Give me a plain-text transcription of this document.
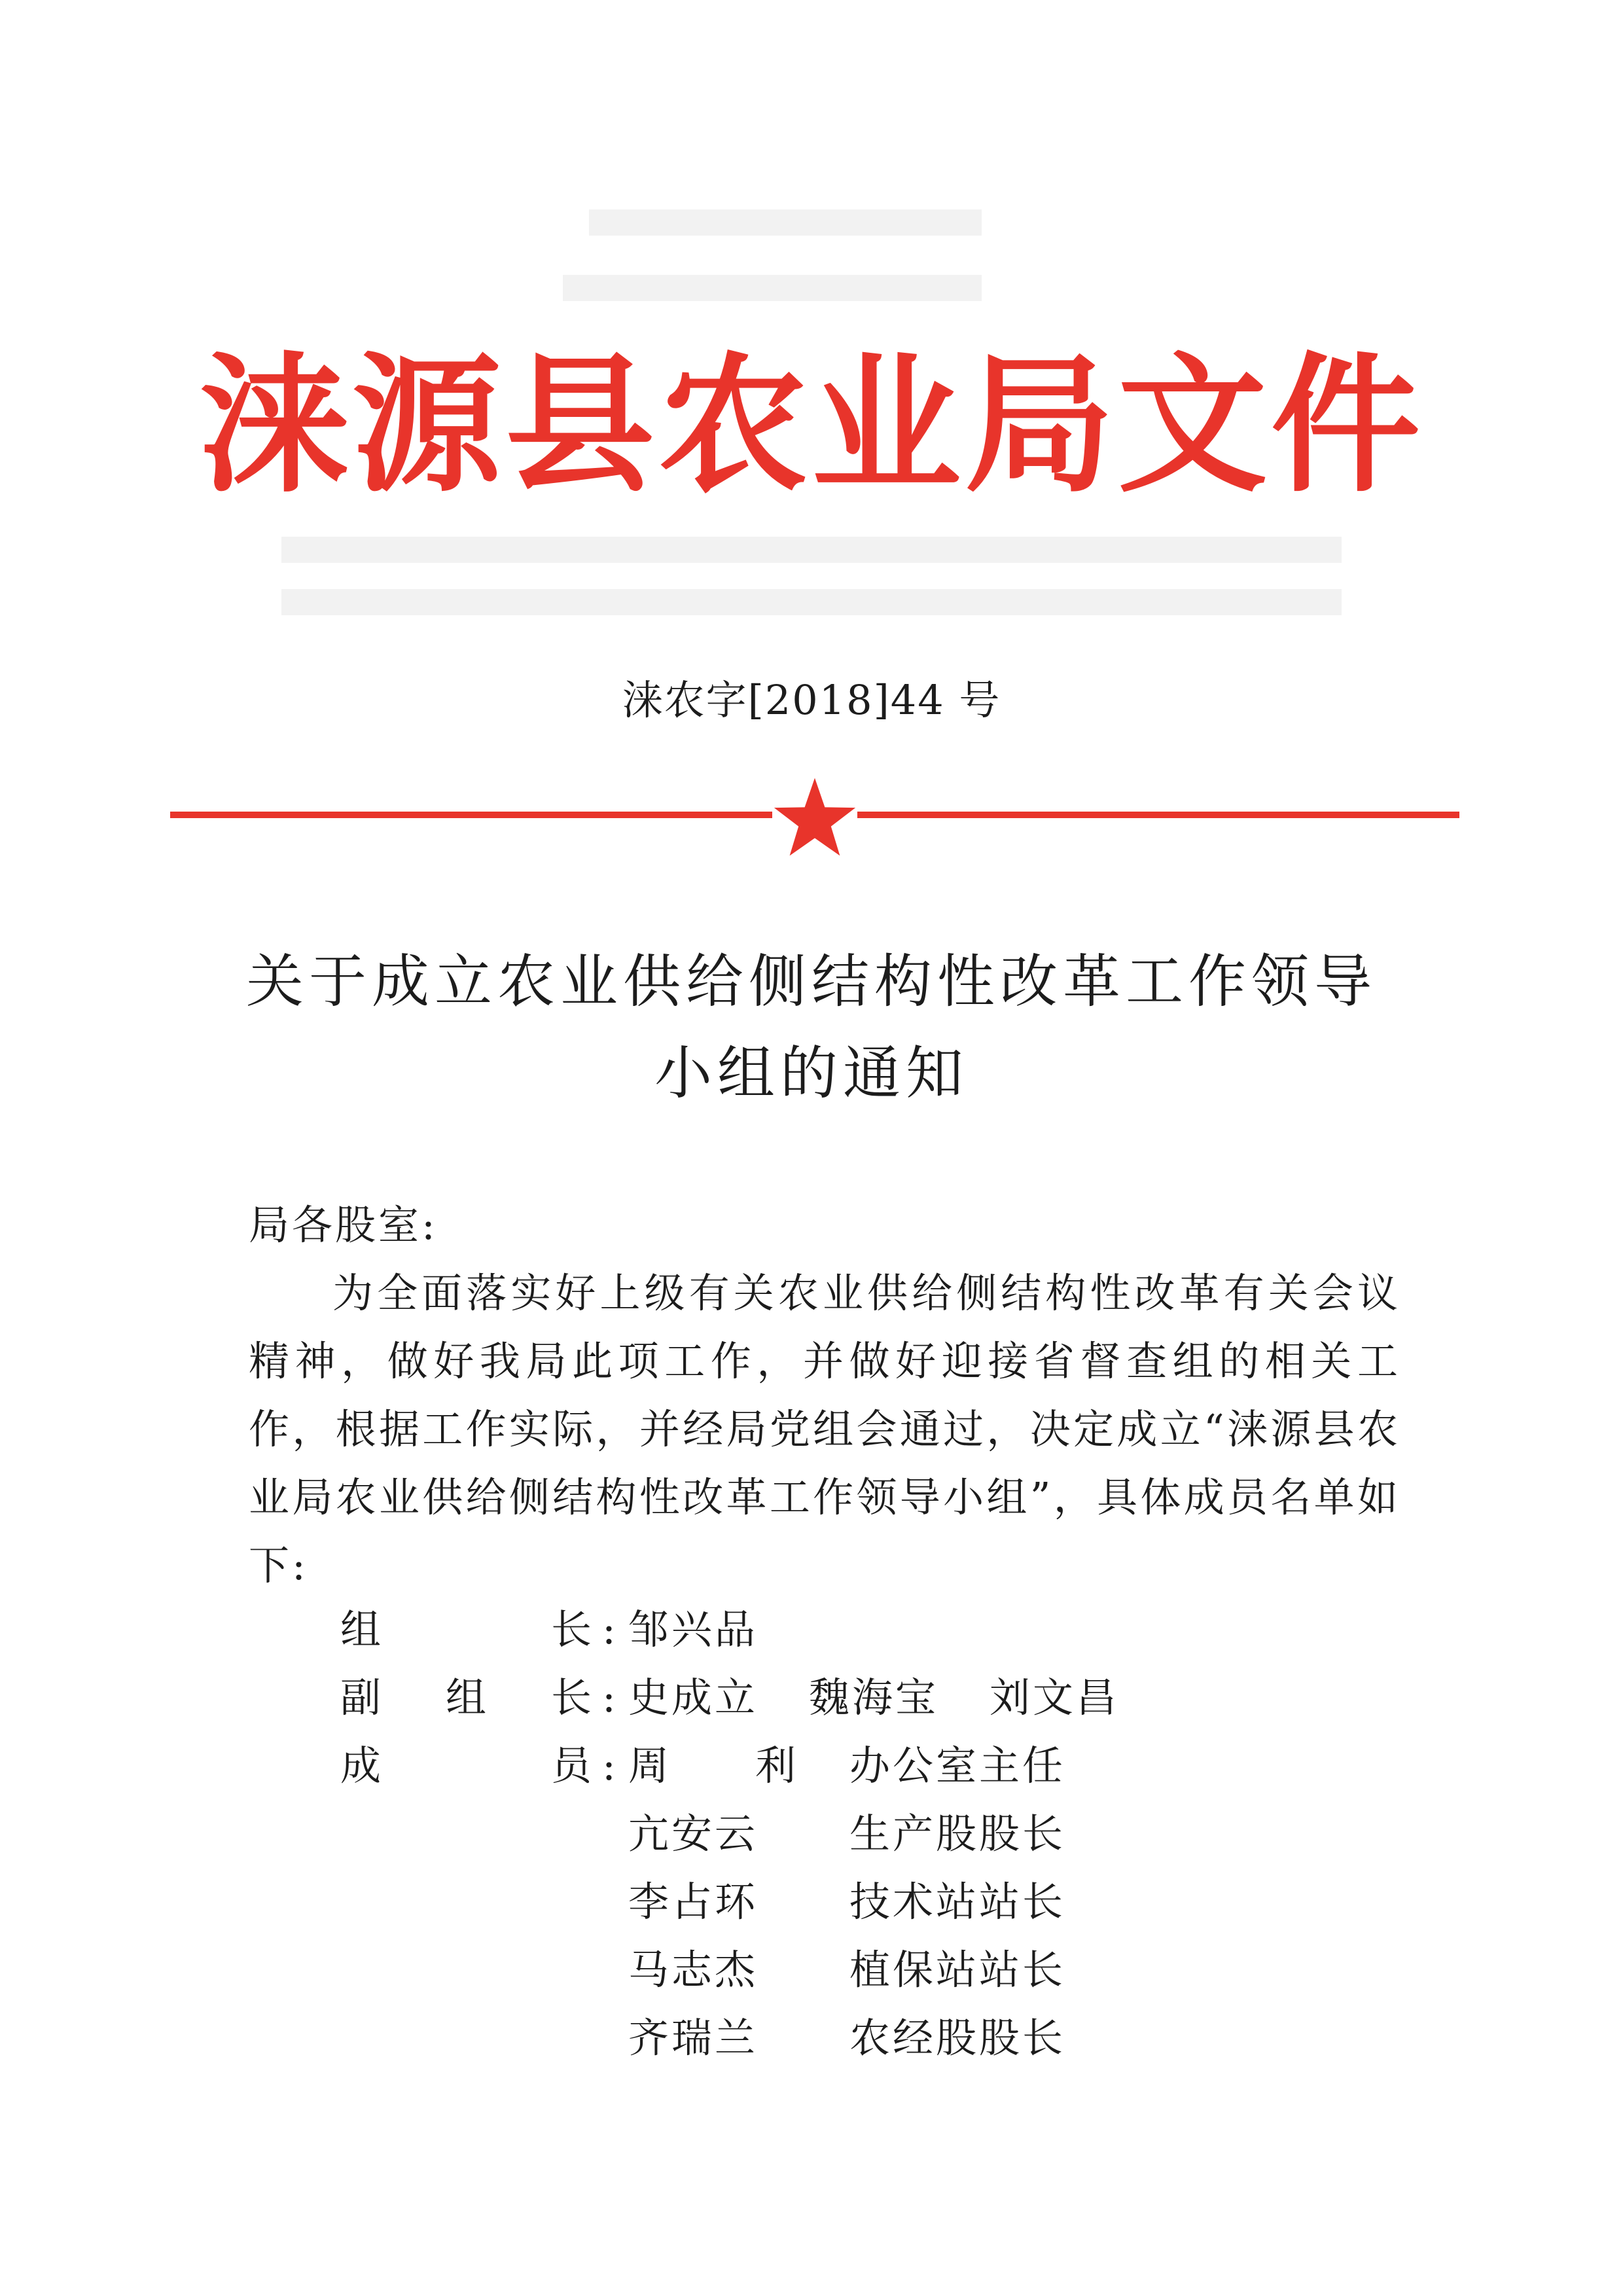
涞源县农业局文件
涞农字[2018]44 号
关于成立农业供给侧结构性改革工作领导
小组的通知
局各股室:
为全面落实好上级有关农业供给侧结构性改革有关会议精神，做好我局此项工作，并做好迎接省督查组的相关工作，根据工作实际，并经局党组会通过，决定成立“涞源县农业局农业供给侧结构性改革工作领导小组”，具体成员名单如下:
组	长 : 邹兴品
副 组 长 : 史成立 魏海宝 刘文昌
成	员 : 周 利 办公室主任
亢安云	生产股股长
李占环	技术站站长
马志杰	植保站站长
齐瑞兰	农经股股长
